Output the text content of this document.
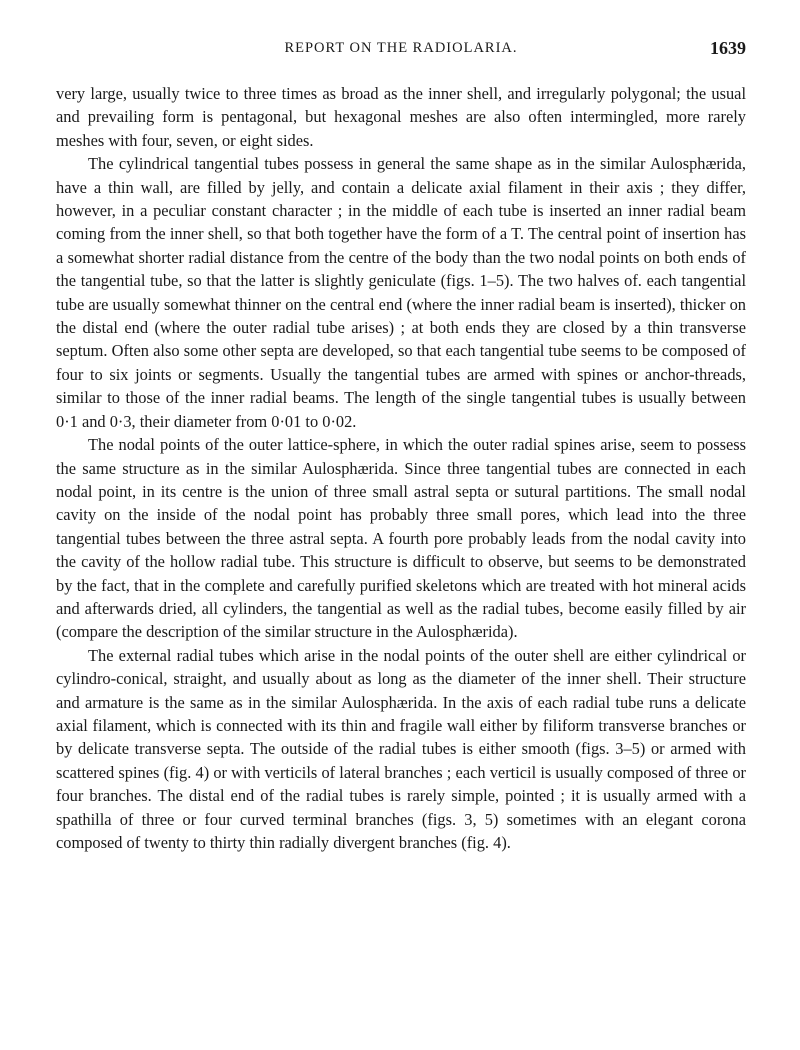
REPORT ON THE RADIOLARIA.	1639

very large, usually twice to three times as broad as the inner shell, and irregularly polygonal; the usual and prevailing form is pentagonal, but hexagonal meshes are also often intermingled, more rarely meshes with four, seven, or eight sides.

The cylindrical tangential tubes possess in general the same shape as in the similar Aulosphærida, have a thin wall, are filled by jelly, and contain a delicate axial filament in their axis ; they differ, however, in a peculiar constant character ; in the middle of each tube is inserted an inner radial beam coming from the inner shell, so that both together have the form of a T. The central point of insertion has a somewhat shorter radial distance from the centre of the body than the two nodal points on both ends of the tangential tube, so that the latter is slightly geniculate (figs. 1–5). The two halves of. each tangential tube are usually somewhat thinner on the central end (where the inner radial beam is inserted), thicker on the distal end (where the outer radial tube arises) ; at both ends they are closed by a thin transverse septum. Often also some other septa are developed, so that each tangential tube seems to be composed of four to six joints or segments. Usually the tangential tubes are armed with spines or anchor-threads, similar to those of the inner radial beams. The length of the single tangential tubes is usually between 0·1 and 0·3, their diameter from 0·01 to 0·02.

The nodal points of the outer lattice-sphere, in which the outer radial spines arise, seem to possess the same structure as in the similar Aulosphærida. Since three tangential tubes are connected in each nodal point, in its centre is the union of three small astral septa or sutural partitions. The small nodal cavity on the inside of the nodal point has probably three small pores, which lead into the three tangential tubes between the three astral septa. A fourth pore probably leads from the nodal cavity into the cavity of the hollow radial tube. This structure is difficult to observe, but seems to be demonstrated by the fact, that in the complete and carefully purified skeletons which are treated with hot mineral acids and afterwards dried, all cylinders, the tangential as well as the radial tubes, become easily filled by air (compare the description of the similar structure in the Aulosphærida).

The external radial tubes which arise in the nodal points of the outer shell are either cylindrical or cylindro-conical, straight, and usually about as long as the diameter of the inner shell. Their structure and armature is the same as in the similar Aulosphærida. In the axis of each radial tube runs a delicate axial filament, which is connected with its thin and fragile wall either by filiform transverse branches or by delicate transverse septa. The outside of the radial tubes is either smooth (figs. 3–5) or armed with scattered spines (fig. 4) or with verticils of lateral branches ; each verticil is usually composed of three or four branches. The distal end of the radial tubes is rarely simple, pointed ; it is usually armed with a spathilla of three or four curved terminal branches (figs. 3, 5) sometimes with an elegant corona composed of twenty to thirty thin radially divergent branches (fig. 4).
